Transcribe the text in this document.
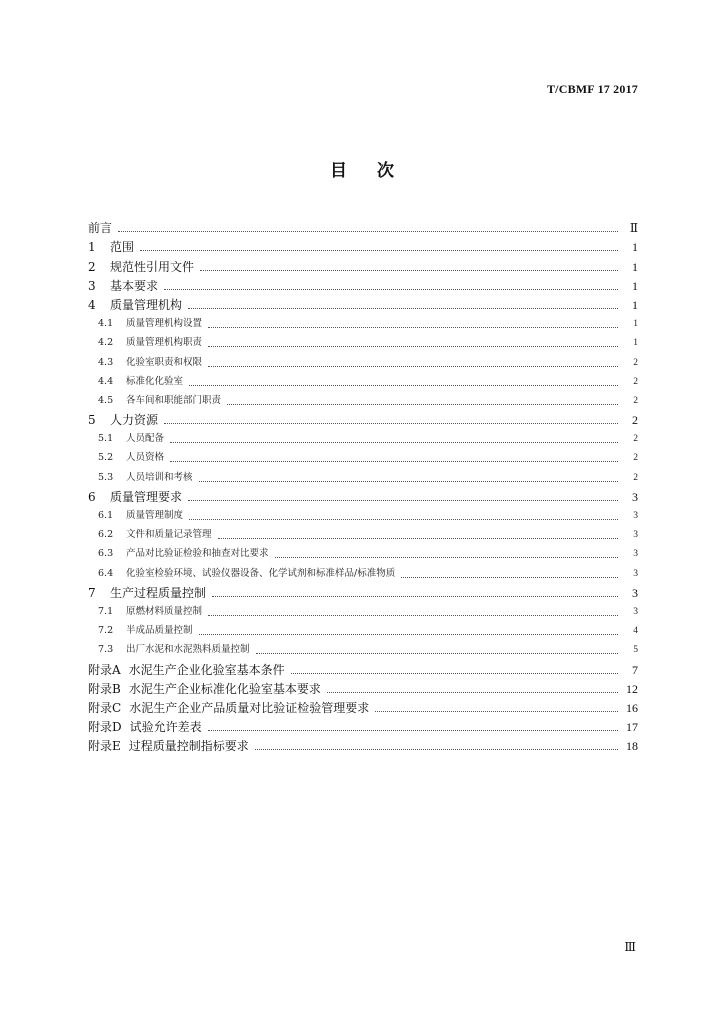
T/CBMF 17 2017
目次
前言	Ⅱ
1	范围	1
2	规范性引用文件	1
3	基本要求	1
4	质量管理机构	1
4.1	质量管理机构设置	1
4.2	质量管理机构职责	1
4.3	化验室职责和权限	2
4.4	标准化化验室	2
4.5	各车间和职能部门职责	2
5	人力资源	2
5.1	人员配备	2
5.2	人员资格	2
5.3	人员培训和考核	2
6	质量管理要求	3
6.1	质量管理制度	3
6.2	文件和质量记录管理	3
6.3	产品对比验证检验和抽查对比要求	3
6.4	化验室检验环境、试验仪器设备、化学试剂和标准样品/标准物质	3
7	生产过程质量控制	3
7.1	原燃材料质量控制	3
7.2	半成品质量控制	4
7.3	出厂水泥和水泥熟料质量控制	5
附录A 水泥生产企业化验室基本条件	7
附录B 水泥生产企业标准化化验室基本要求	12
附录C 水泥生产企业产品质量对比验证检验管理要求	16
附录D 试验允许差表	17
附录E 过程质量控制指标要求	18
Ⅲ
